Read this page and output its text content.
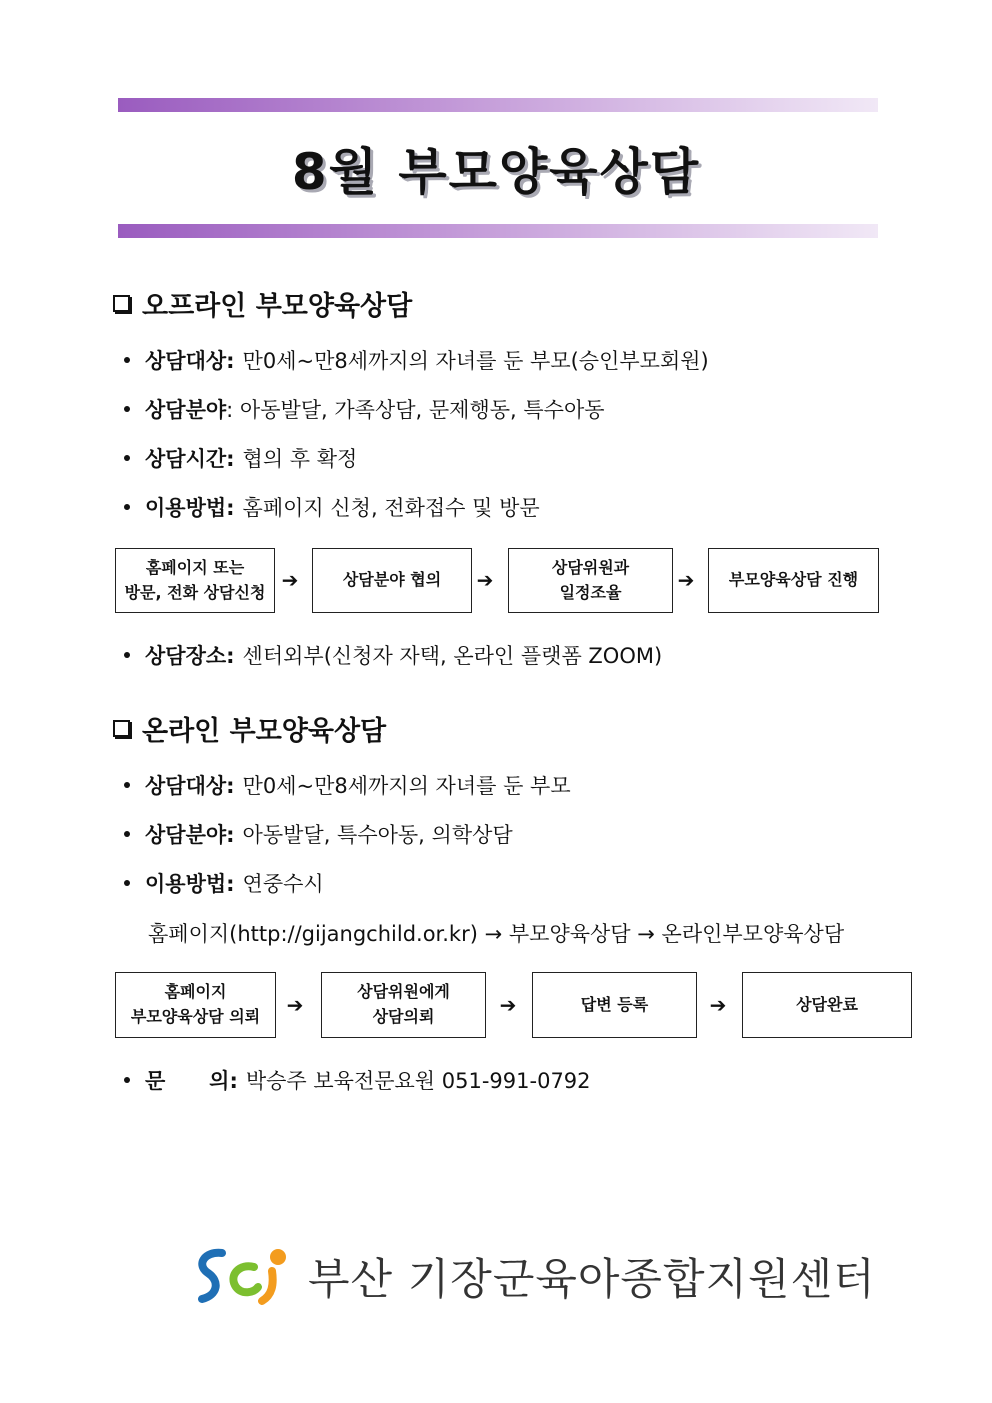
8월 부모양육상담
오프라인 부모양육상담
상담대상: 만0세~만8세까지의 자녀를 둔 부모(승인부모회원)
상담분야 : 아동발달, 가족상담, 문제행동, 특수아동
상담시간: 협의 후 확정
이용방법: 홈페이지 신청, 전화접수 및 방문
홈페이지 또는
방문, 전화 상담신청 ➔	상담분야 협의	➔
상담위원과
일정조율	➔	부모양육상담 진행
상담장소: 센터외부(신청자 자택, 온라인 플랫폼 ZOOM)
온라인 부모양육상담
상담대상: 만0세~만8세까지의 자녀를 둔 부모
상담분야: 아동발달, 특수아동, 의학상담
이용방법: 연중수시
홈페이지(http://gijangchild.or.kr) → 부모양육상담 → 온라인부모양육상담
홈페이지
부모양육상담 의뢰	➔
상담위원에게
상담의뢰	➔	답변 등록	➔	상담완료
문      의: 박승주 보육전문요원 051-991-0792
부산 기장군육아종합지원센터
